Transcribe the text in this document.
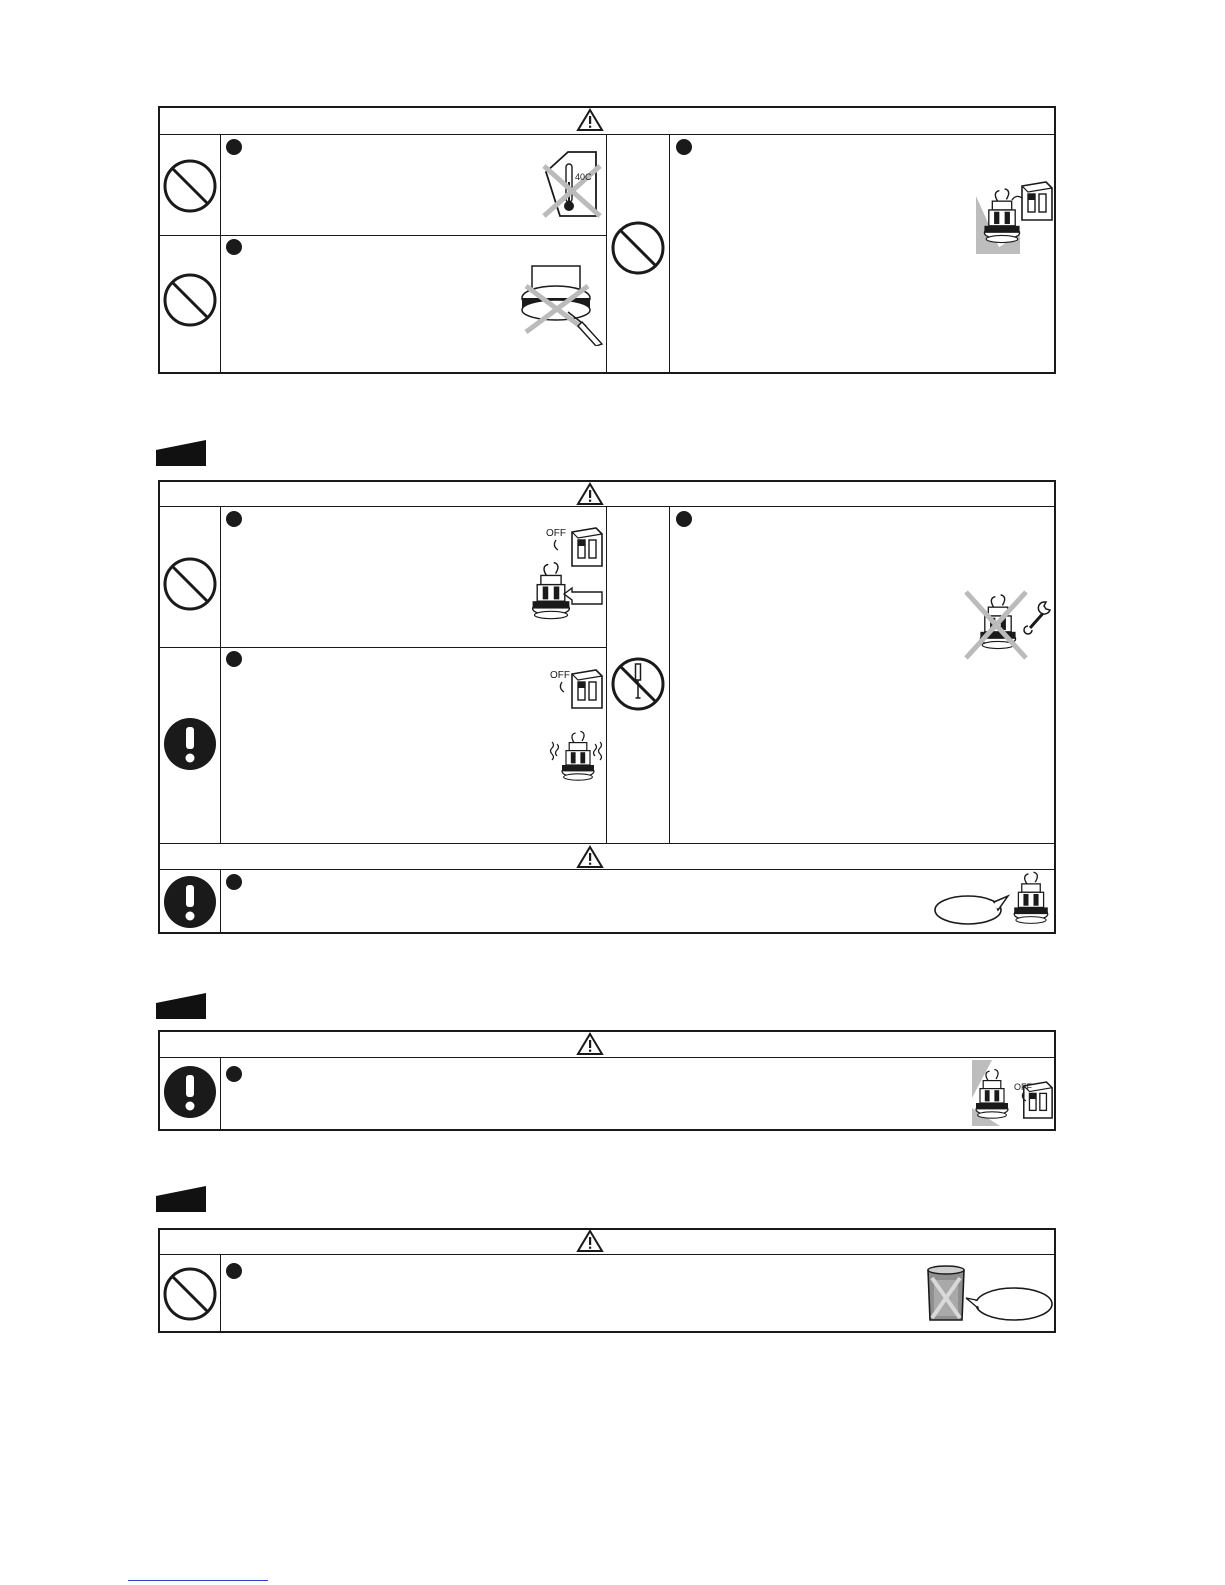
40C
OFF
OFF
OFF
